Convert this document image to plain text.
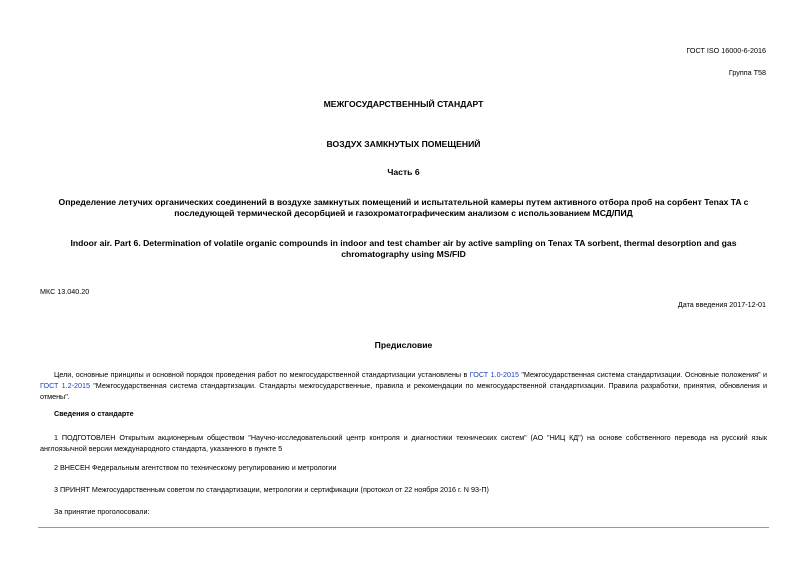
ГОСТ ISO 16000-6-2016
Группа Т58
МЕЖГОСУДАРСТВЕННЫЙ СТАНДАРТ
ВОЗДУХ ЗАМКНУТЫХ ПОМЕЩЕНИЙ
Часть 6
Определение летучих органических соединений в воздухе замкнутых помещений и испытательной камеры путем активного отбора проб на сорбент Tenax TA с последующей термической десорбцией и газохроматографическим анализом с использованием МСД/ПИД
Indoor air. Part 6. Determination of volatile organic compounds in indoor and test chamber air by active sampling on Tenax TA sorbent, thermal desorption and gas chromatography using MS/FID
МКС 13.040.20
Дата введения 2017-12-01
Предисловие
Цели, основные принципы и основной порядок проведения работ по межгосударственной стандартизации установлены в ГОСТ 1.0-2015 "Межгосударственная система стандартизации. Основные положения" и ГОСТ 1.2-2015 "Межгосударственная система стандартизации. Стандарты межгосударственные, правила и рекомендации по межгосударственной стандартизации. Правила разработки, принятия, обновления и отмены".
Сведения о стандарте
1 ПОДГОТОВЛЕН Открытым акционерным обществом "Научно-исследовательский центр контроля и диагностики технических систем" (АО "НИЦ КД") на основе собственного перевода на русский язык англоязычной версии международного стандарта, указанного в пункте 5
2 ВНЕСЕН Федеральным агентством по техническому регулированию и метрологии
3 ПРИНЯТ Межгосударственным советом по стандартизации, метрологии и сертификации (протокол от 22 ноября 2016 г. N 93-П)
За принятие проголосовали:
